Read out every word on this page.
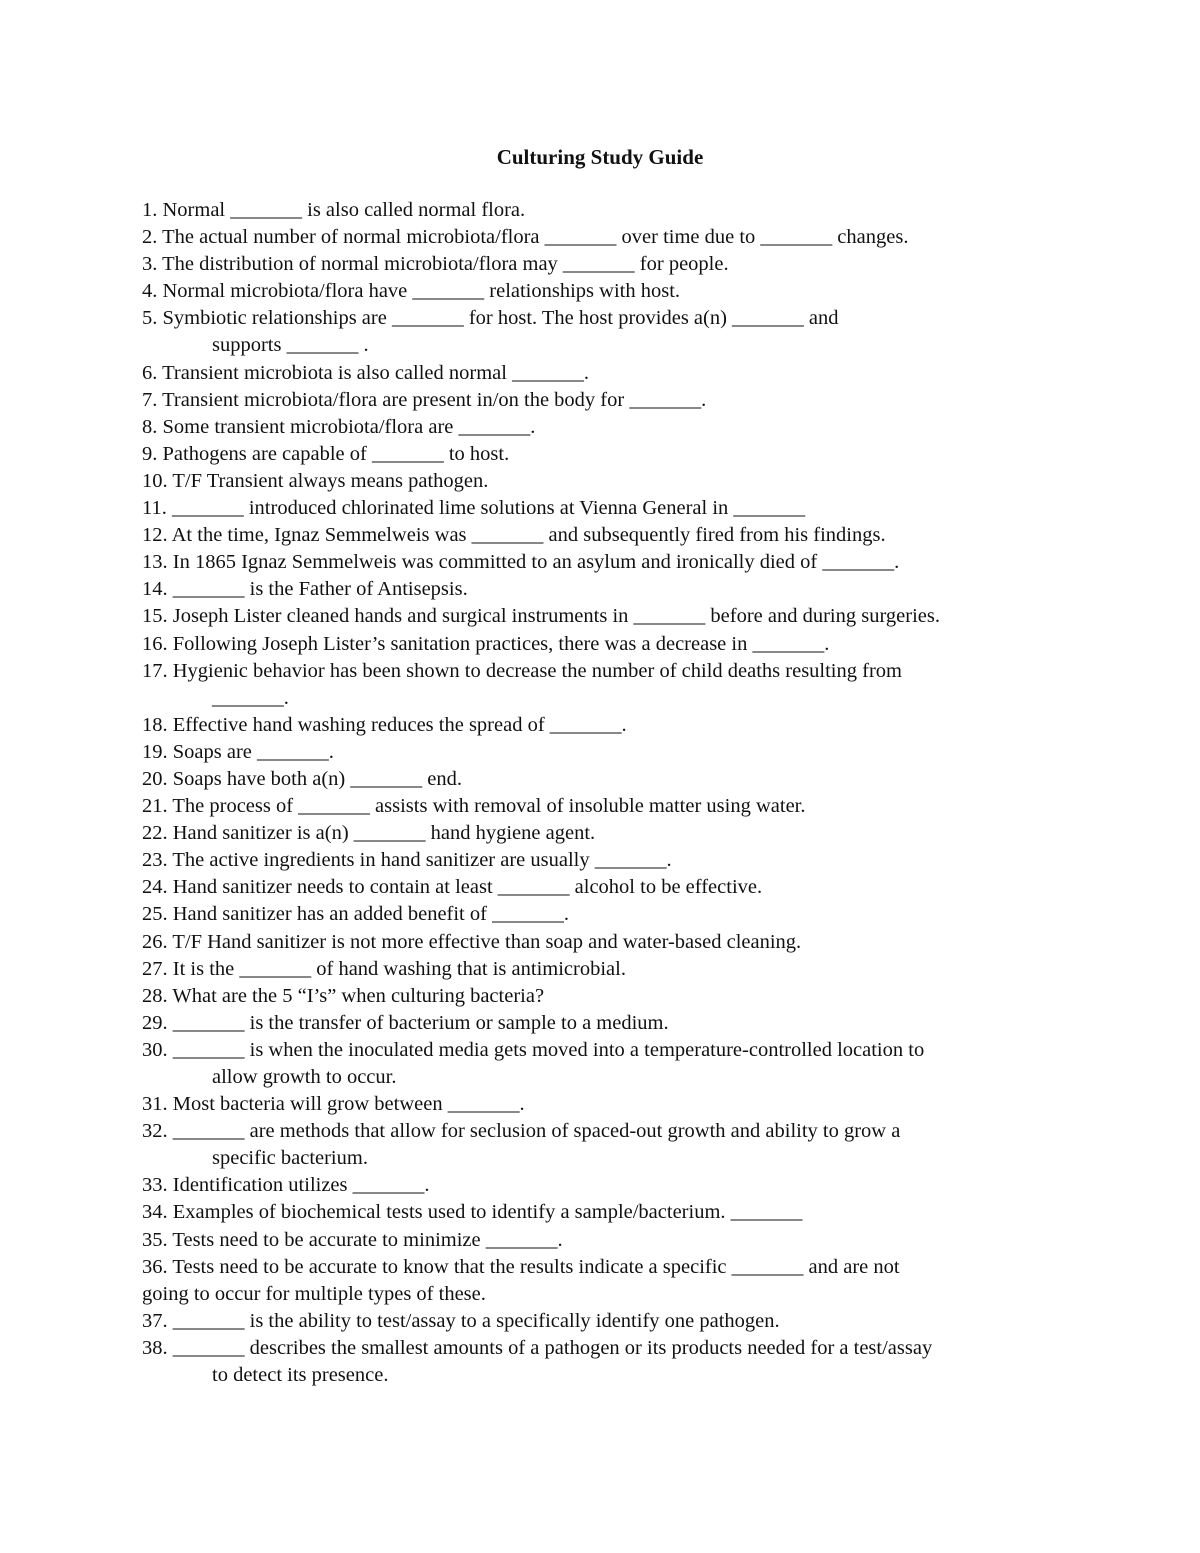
Culturing Study Guide

1. Normal _______ is also called normal flora.

2. The actual number of normal microbiota/flora _______ over time due to _______ changes.

3. The distribution of normal microbiota/flora may _______ for people.

4. Normal microbiota/flora have _______ relationships with host.

5. Symbiotic relationships are _______ for host. The host provides a(n) _______ and

supports _______ .

6. Transient microbiota is also called normal _______.

7. Transient microbiota/flora are present in/on the body for _______.

8. Some transient microbiota/flora are _______.

9. Pathogens are capable of _______ to host.

10. T/F Transient always means pathogen.

11. _______ introduced chlorinated lime solutions at Vienna General in _______

12. At the time, Ignaz Semmelweis was _______ and subsequently fired from his findings.

13. In 1865 Ignaz Semmelweis was committed to an asylum and ironically died of _______.

14. _______ is the Father of Antisepsis.

15. Joseph Lister cleaned hands and surgical instruments in _______ before and during surgeries.

16. Following Joseph Lister’s sanitation practices, there was a decrease in _______.

17. Hygienic behavior has been shown to decrease the number of child deaths resulting from

_______.

18. Effective hand washing reduces the spread of _______.

19. Soaps are _______.

20. Soaps have both a(n) _______ end.

21. The process of _______ assists with removal of insoluble matter using water.

22. Hand sanitizer is a(n) _______ hand hygiene agent.

23. The active ingredients in hand sanitizer are usually _______.

24. Hand sanitizer needs to contain at least _______ alcohol to be effective.

25. Hand sanitizer has an added benefit of _______.

26. T/F Hand sanitizer is not more effective than soap and water-based cleaning.

27. It is the _______ of hand washing that is antimicrobial.

28. What are the 5 “I’s” when culturing bacteria?

29. _______ is the transfer of bacterium or sample to a medium.

30. _______ is when the inoculated media gets moved into a temperature-controlled location to

allow growth to occur.

31. Most bacteria will grow between _______.

32. _______ are methods that allow for seclusion of spaced-out growth and ability to grow a

specific bacterium.

33. Identification utilizes _______.

34. Examples of biochemical tests used to identify a sample/bacterium. _______

35. Tests need to be accurate to minimize _______.

36. Tests need to be accurate to know that the results indicate a specific _______ and are not

going to occur for multiple types of these.

37. _______ is the ability to test/assay to a specifically identify one pathogen.

38. _______ describes the smallest amounts of a pathogen or its products needed for a test/assay

to detect its presence.
